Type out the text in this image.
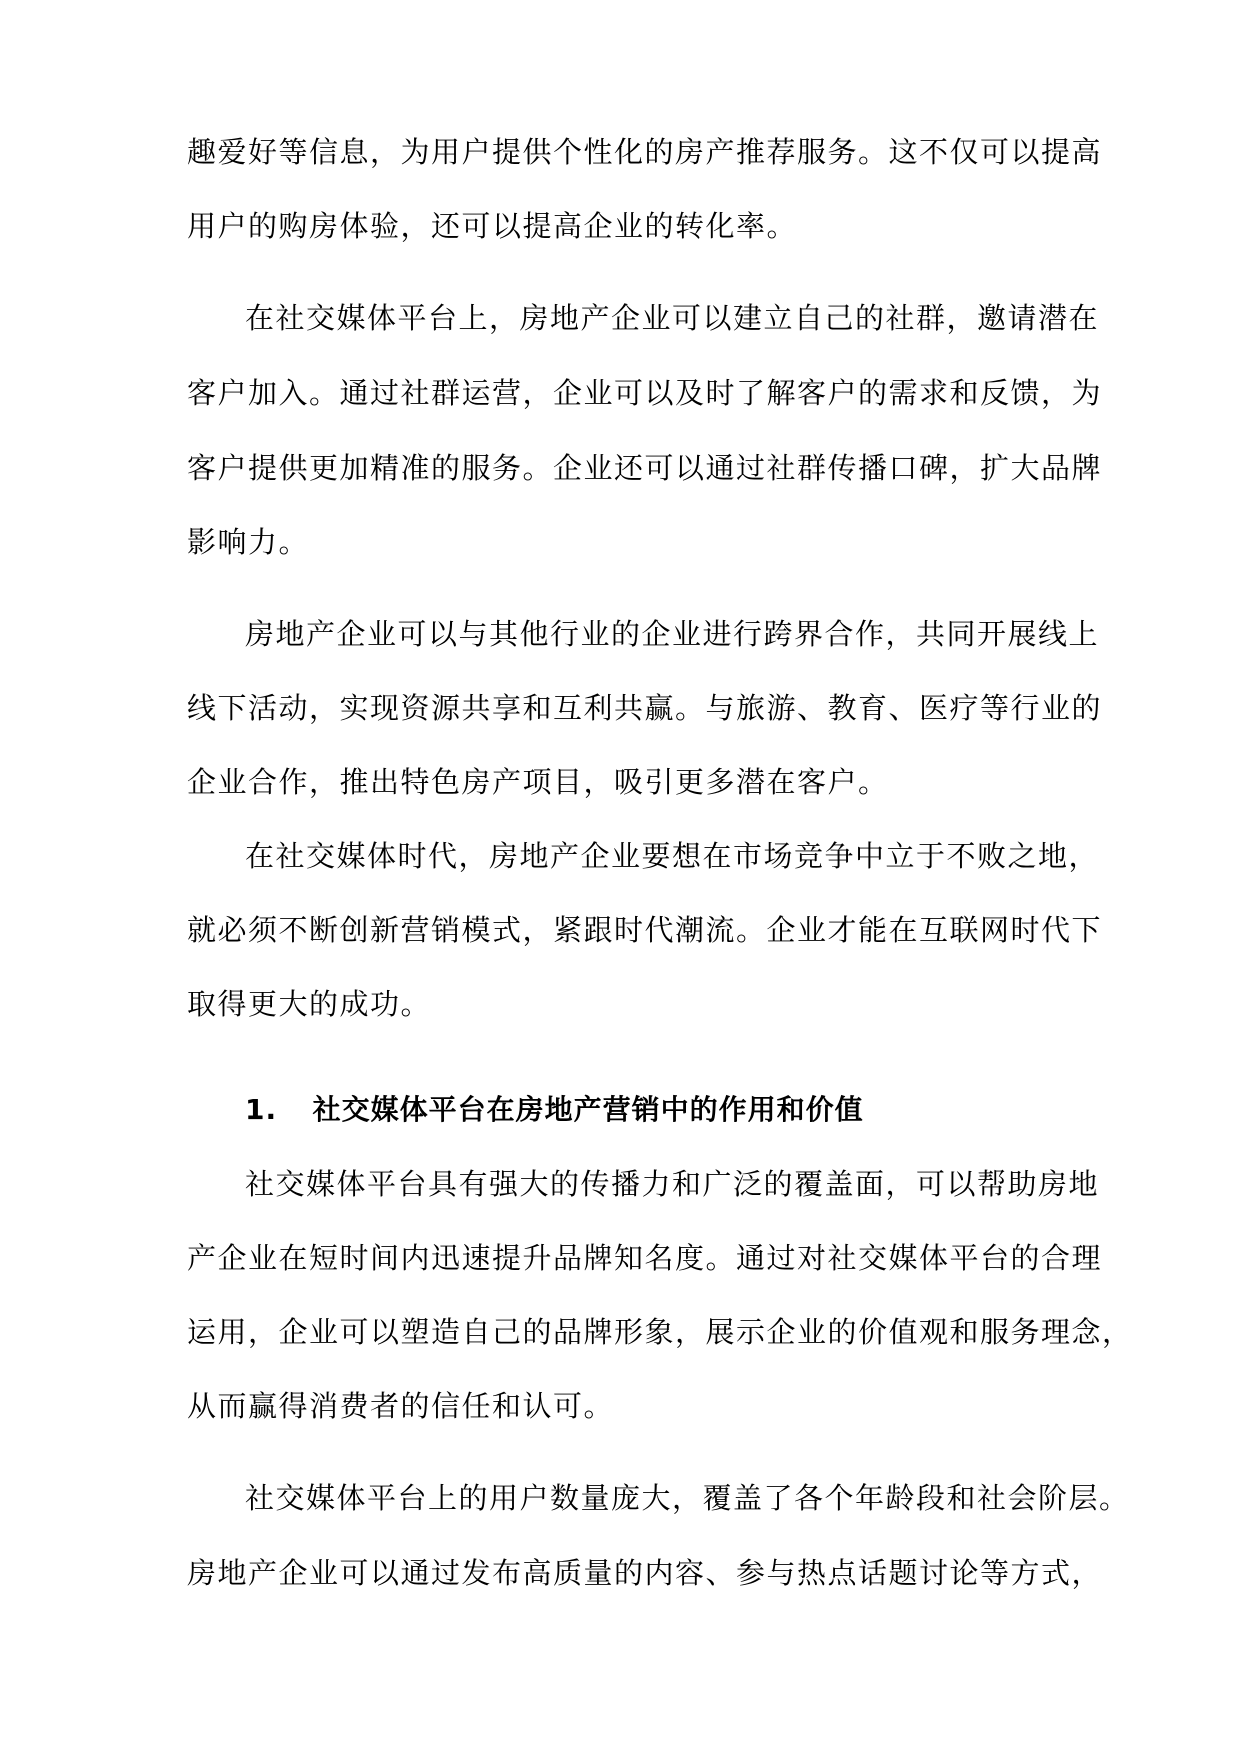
趣爱好等信息，为用户提供个性化的房产推荐服务。这不仅可以提高
用户的购房体验，还可以提高企业的转化率。
在社交媒体平台上，房地产企业可以建立自己的社群，邀请潜在
客户加入。通过社群运营，企业可以及时了解客户的需求和反馈，为
客户提供更加精准的服务。企业还可以通过社群传播口碑，扩大品牌
影响力。
房地产企业可以与其他行业的企业进行跨界合作，共同开展线上
线下活动，实现资源共享和互利共赢。与旅游、教育、医疗等行业的
企业合作，推出特色房产项目，吸引更多潜在客户。
在社交媒体时代，房地产企业要想在市场竞争中立于不败之地，
就必须不断创新营销模式，紧跟时代潮流。企业才能在互联网时代下
取得更大的成功。
1. 社交媒体平台在房地产营销中的作用和价值
社交媒体平台具有强大的传播力和广泛的覆盖面，可以帮助房地
产企业在短时间内迅速提升品牌知名度。通过对社交媒体平台的合理
运用，企业可以塑造自己的品牌形象，展示企业的价值观和服务理念，
从而赢得消费者的信任和认可。
社交媒体平台上的用户数量庞大，覆盖了各个年龄段和社会阶层。
房地产企业可以通过发布高质量的内容、参与热点话题讨论等方式，
